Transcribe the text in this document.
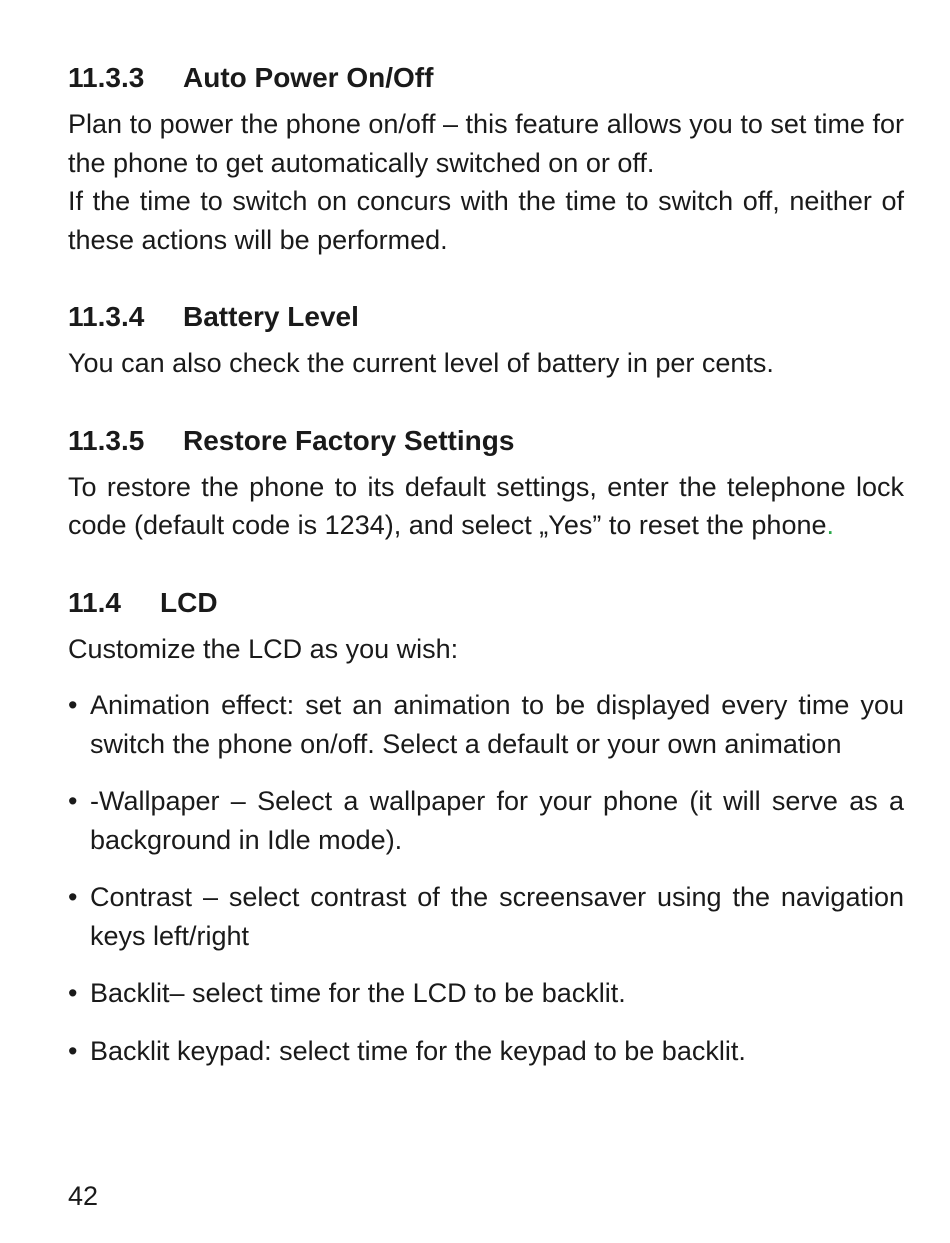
11.3.3 Auto Power On/Off

Plan to power the phone on/off – this feature allows you to set time for the phone to get automatically switched on or off.

If the time to switch on concurs with the time to switch off, neither of these actions will be performed.

11.3.4 Battery Level

You can also check the current level of battery in per cents.

11.3.5 Restore Factory Settings

To restore the phone to its default settings, enter the telephone lock code (default code is 1234), and select „Yes” to reset the phone.

11.4 LCD

Customize the LCD as you wish:

• Animation effect: set an animation to be displayed every time you switch the phone on/off. Select a default or your own animation
• -Wallpaper – Select a wallpaper for your phone (it will serve as a background in Idle mode).
• Contrast – select contrast of the screensaver using the navigation keys left/right
• Backlit– select time for the LCD to be backlit.
• Backlit keypad: select time for the keypad to be backlit.
42
